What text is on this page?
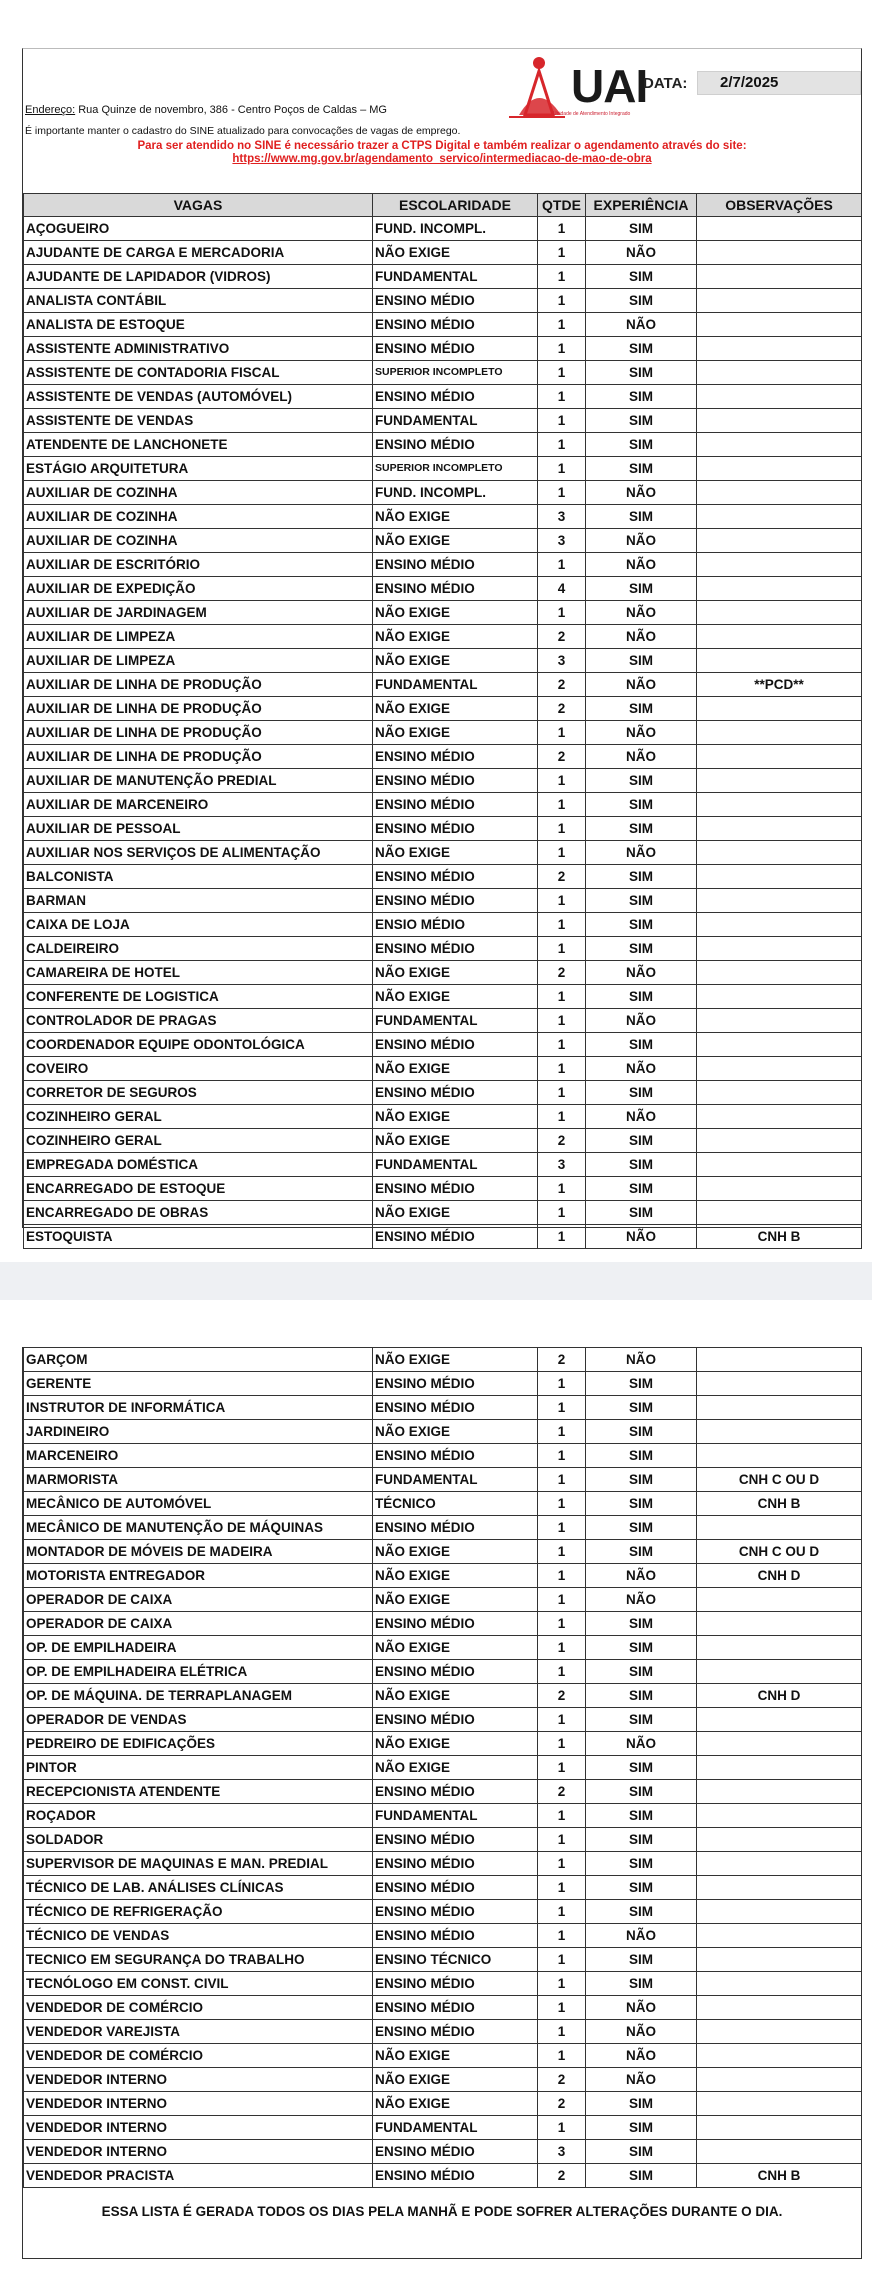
UAI
Unidade de Atendimento Integrado
DATA:	2/7/2025
Endereço: Rua Quinze de novembro, 386 - Centro Poços de Caldas – MG
É importante manter o cadastro do SINE atualizado para convocações de vagas de emprego.
Para ser atendido no SINE é necessário trazer a CTPS Digital e também realizar o agendamento através do site:
https://www.mg.gov.br/agendamento_servico/intermediacao-de-mao-de-obra
VAGAS	ESCOLARIDADE	QTDE	EXPERIÊNCIA	OBSERVAÇÕES
AÇOGUEIRO	FUND. INCOMPL.	1	SIM	
AJUDANTE DE CARGA E MERCADORIA	NÃO EXIGE	1	NÃO	
AJUDANTE DE LAPIDADOR (VIDROS)	FUNDAMENTAL	1	SIM	
ANALISTA CONTÁBIL	ENSINO MÉDIO	1	SIM	
ANALISTA DE ESTOQUE	ENSINO MÉDIO	1	NÃO	
ASSISTENTE ADMINISTRATIVO	ENSINO MÉDIO	1	SIM	
ASSISTENTE DE CONTADORIA FISCAL	SUPERIOR INCOMPLETO	1	SIM	
ASSISTENTE DE VENDAS (AUTOMÓVEL)	ENSINO MÉDIO	1	SIM	
ASSISTENTE DE VENDAS	FUNDAMENTAL	1	SIM	
ATENDENTE DE LANCHONETE	ENSINO MÉDIO	1	SIM	
ESTÁGIO ARQUITETURA	SUPERIOR INCOMPLETO	1	SIM	
AUXILIAR DE COZINHA	FUND. INCOMPL.	1	NÃO	
AUXILIAR DE COZINHA	NÃO EXIGE	3	SIM	
AUXILIAR DE COZINHA	NÃO EXIGE	3	NÃO	
AUXILIAR DE ESCRITÓRIO	ENSINO MÉDIO	1	NÃO	
AUXILIAR DE EXPEDIÇÃO	ENSINO MÉDIO	4	SIM	
AUXILIAR DE JARDINAGEM	NÃO EXIGE	1	NÃO	
AUXILIAR DE LIMPEZA	NÃO EXIGE	2	NÃO	
AUXILIAR DE LIMPEZA	NÃO EXIGE	3	SIM	
AUXILIAR DE LINHA DE PRODUÇÃO	FUNDAMENTAL	2	NÃO	**PCD**
AUXILIAR DE LINHA DE PRODUÇÃO	NÃO EXIGE	2	SIM	
AUXILIAR DE LINHA DE PRODUÇÃO	NÃO EXIGE	1	NÃO	
AUXILIAR DE LINHA DE PRODUÇÃO	ENSINO MÉDIO	2	NÃO	
AUXILIAR DE MANUTENÇÃO PREDIAL	ENSINO MÉDIO	1	SIM	
AUXILIAR DE MARCENEIRO	ENSINO MÉDIO	1	SIM	
AUXILIAR DE PESSOAL	ENSINO MÉDIO	1	SIM	
AUXILIAR NOS SERVIÇOS DE ALIMENTAÇÃO	NÃO EXIGE	1	NÃO	
BALCONISTA	ENSINO MÉDIO	2	SIM	
BARMAN	ENSINO MÉDIO	1	SIM	
CAIXA DE LOJA	ENSIO MÉDIO	1	SIM	
CALDEIREIRO	ENSINO MÉDIO	1	SIM	
CAMAREIRA DE HOTEL	NÃO EXIGE	2	NÃO	
CONFERENTE DE LOGISTICA	NÃO EXIGE	1	SIM	
CONTROLADOR DE PRAGAS	FUNDAMENTAL	1	NÃO	
COORDENADOR EQUIPE ODONTOLÓGICA	ENSINO MÉDIO	1	SIM	
COVEIRO	NÃO EXIGE	1	NÃO	
CORRETOR DE SEGUROS	ENSINO MÉDIO	1	SIM	
COZINHEIRO GERAL	NÃO EXIGE	1	NÃO	
COZINHEIRO GERAL	NÃO EXIGE	2	SIM	
EMPREGADA DOMÉSTICA	FUNDAMENTAL	3	SIM	
ENCARREGADO DE ESTOQUE	ENSINO MÉDIO	1	SIM	
ENCARREGADO DE OBRAS	NÃO EXIGE	1	SIM	
ESTOQUISTA	ENSINO MÉDIO	1	NÃO	CNH B
GARÇOM	NÃO EXIGE	2	NÃO	
GERENTE	ENSINO MÉDIO	1	SIM	
INSTRUTOR DE INFORMÁTICA	ENSINO MÉDIO	1	SIM	
JARDINEIRO	NÃO EXIGE	1	SIM	
MARCENEIRO	ENSINO MÉDIO	1	SIM	
MARMORISTA	FUNDAMENTAL	1	SIM	CNH C OU D
MECÂNICO DE AUTOMÓVEL	TÉCNICO	1	SIM	CNH B
MECÂNICO DE MANUTENÇÃO DE MÁQUINAS	ENSINO MÉDIO	1	SIM	
MONTADOR DE MÓVEIS DE MADEIRA	NÃO EXIGE	1	SIM	CNH C OU D
MOTORISTA ENTREGADOR	NÃO EXIGE	1	NÃO	CNH D
OPERADOR DE CAIXA	NÃO EXIGE	1	NÃO	
OPERADOR DE CAIXA	ENSINO MÉDIO	1	SIM	
OP. DE EMPILHADEIRA	NÃO EXIGE	1	SIM	
OP. DE EMPILHADEIRA ELÉTRICA	ENSINO MÉDIO	1	SIM	
OP. DE MÁQUINA. DE TERRAPLANAGEM	NÃO EXIGE	2	SIM	CNH D
OPERADOR DE VENDAS	ENSINO MÉDIO	1	SIM	
PEDREIRO DE EDIFICAÇÕES	NÃO EXIGE	1	NÃO	
PINTOR	NÃO EXIGE	1	SIM	
RECEPCIONISTA ATENDENTE	ENSINO MÉDIO	2	SIM	
ROÇADOR	FUNDAMENTAL	1	SIM	
SOLDADOR	ENSINO MÉDIO	1	SIM	
SUPERVISOR DE MAQUINAS E MAN. PREDIAL	ENSINO MÉDIO	1	SIM	
TÉCNICO DE LAB. ANÁLISES CLÍNICAS	ENSINO MÉDIO	1	SIM	
TÉCNICO DE REFRIGERAÇÃO	ENSINO MÉDIO	1	SIM	
TÉCNICO DE VENDAS	ENSINO MÉDIO	1	NÃO	
TECNICO EM SEGURANÇA DO TRABALHO	ENSINO TÉCNICO	1	SIM	
TECNÓLOGO EM CONST. CIVIL	ENSINO MÉDIO	1	SIM	
VENDEDOR DE COMÉRCIO	ENSINO MÉDIO	1	NÃO	
VENDEDOR VAREJISTA	ENSINO MÉDIO	1	NÃO	
VENDEDOR DE COMÉRCIO	NÃO EXIGE	1	NÃO	
VENDEDOR INTERNO	NÃO EXIGE	2	NÃO	
VENDEDOR INTERNO	NÃO EXIGE	2	SIM	
VENDEDOR INTERNO	FUNDAMENTAL	1	SIM	
VENDEDOR INTERNO	ENSINO MÉDIO	3	SIM	
VENDEDOR PRACISTA	ENSINO MÉDIO	2	SIM	CNH B
ESSA LISTA É GERADA TODOS OS DIAS PELA MANHÃ E PODE SOFRER ALTERAÇÕES DURANTE O DIA.
